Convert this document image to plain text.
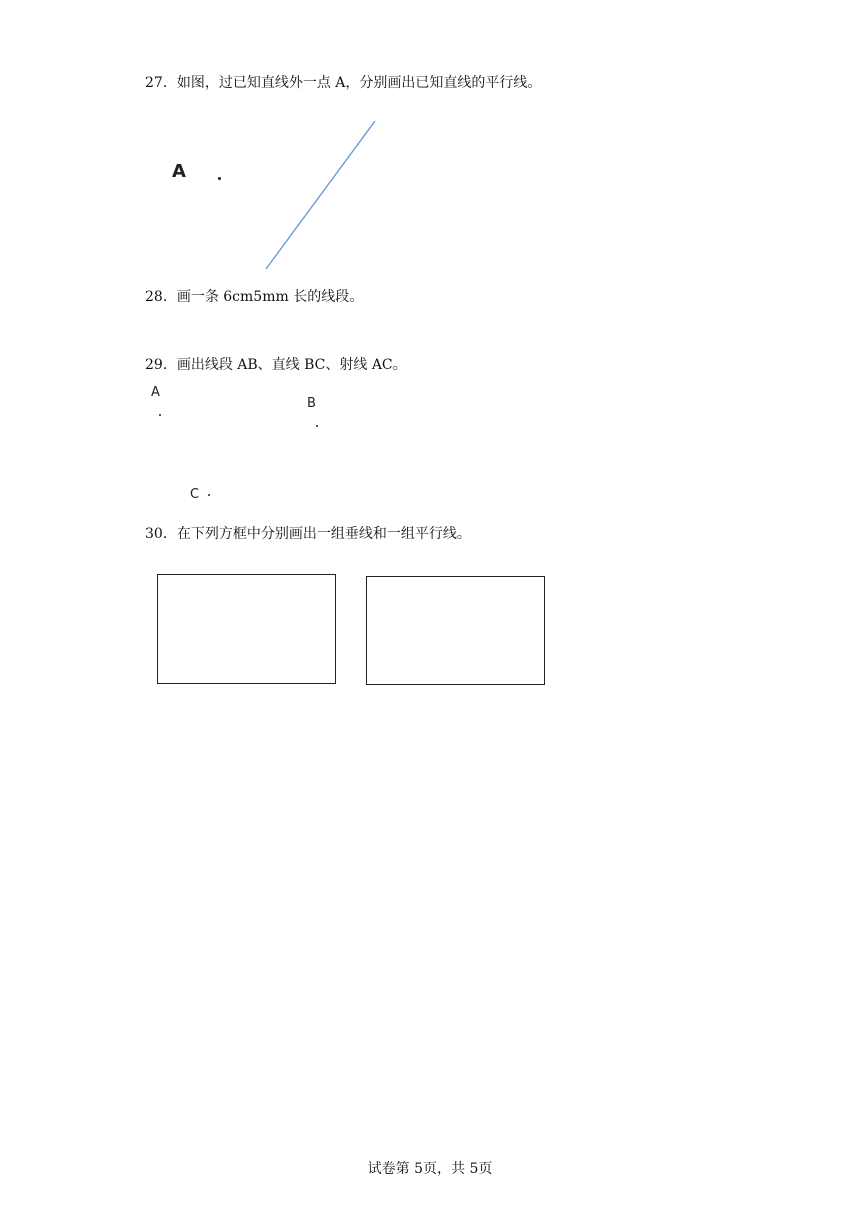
27．如图，过已知直线外一点 A，分别画出已知直线的平行线。
A
28．画一条 6cm5mm 长的线段。
29．画出线段 AB、直线 BC、射线 AC。
A
B
C
30．在下列方框中分别画出一组垂线和一组平行线。
试卷第 5页，共 5页
